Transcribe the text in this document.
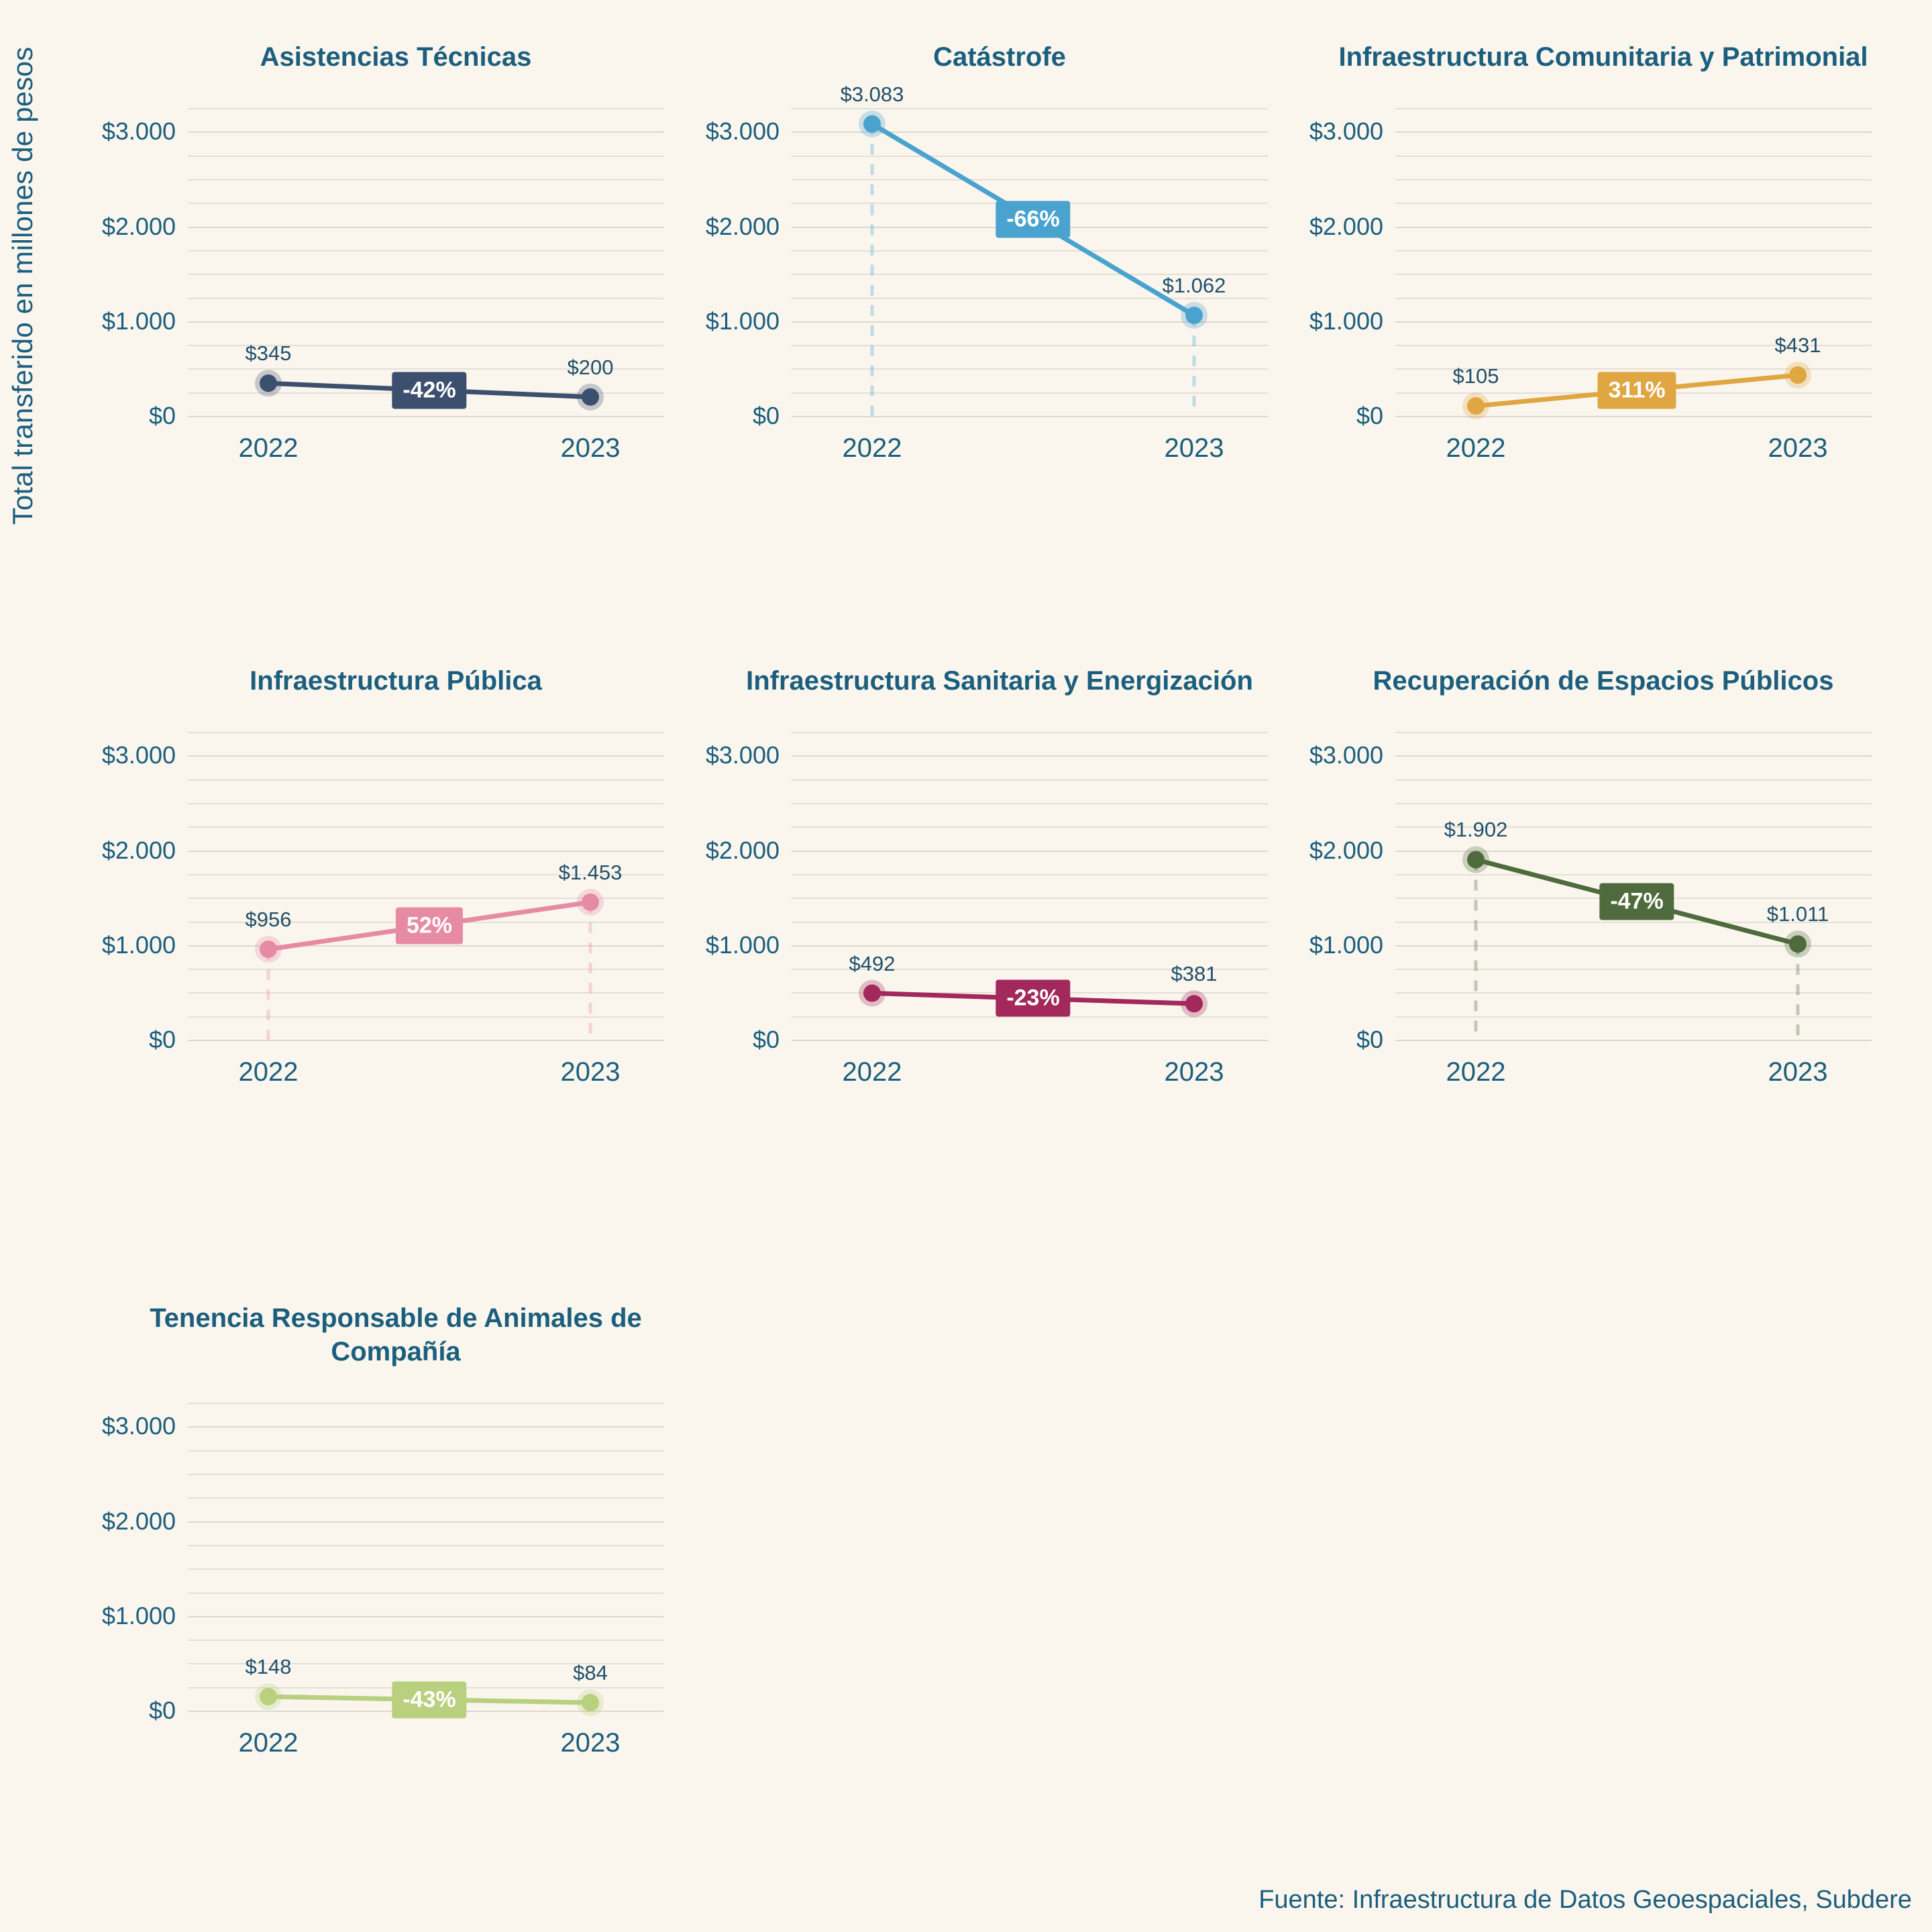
Total transferido en millones de pesos	Asistencias Técnicas
$0
$1.000
$2.000
$3.000
2022	2023
$345
$200
-42%
Catástrofe
$0
$1.000
$2.000
$3.000
2022	2023
$3.083
$1.062
-66%
Infraestructura Comunitaria y Patrimonial
$0
$1.000
$2.000
$3.000
2022	2023
$105
$431
311%
Infraestructura Pública
$0
$1.000
$2.000
$3.000
2022	2023
$956
$1.453
52%
Infraestructura Sanitaria y Energización
$0
$1.000
$2.000
$3.000
2022	2023
$492	$381
-23%
Recuperación de Espacios Públicos
$0
$1.000
$2.000
$3.000
2022	2023
$1.902
$1.011
-47%
Tenencia Responsable de Animales de Compañía
$0
$1.000
$2.000
$3.000
2022	2023
$148	$84
-43%
Fuente: Infraestructura de Datos Geoespaciales, Subdere
